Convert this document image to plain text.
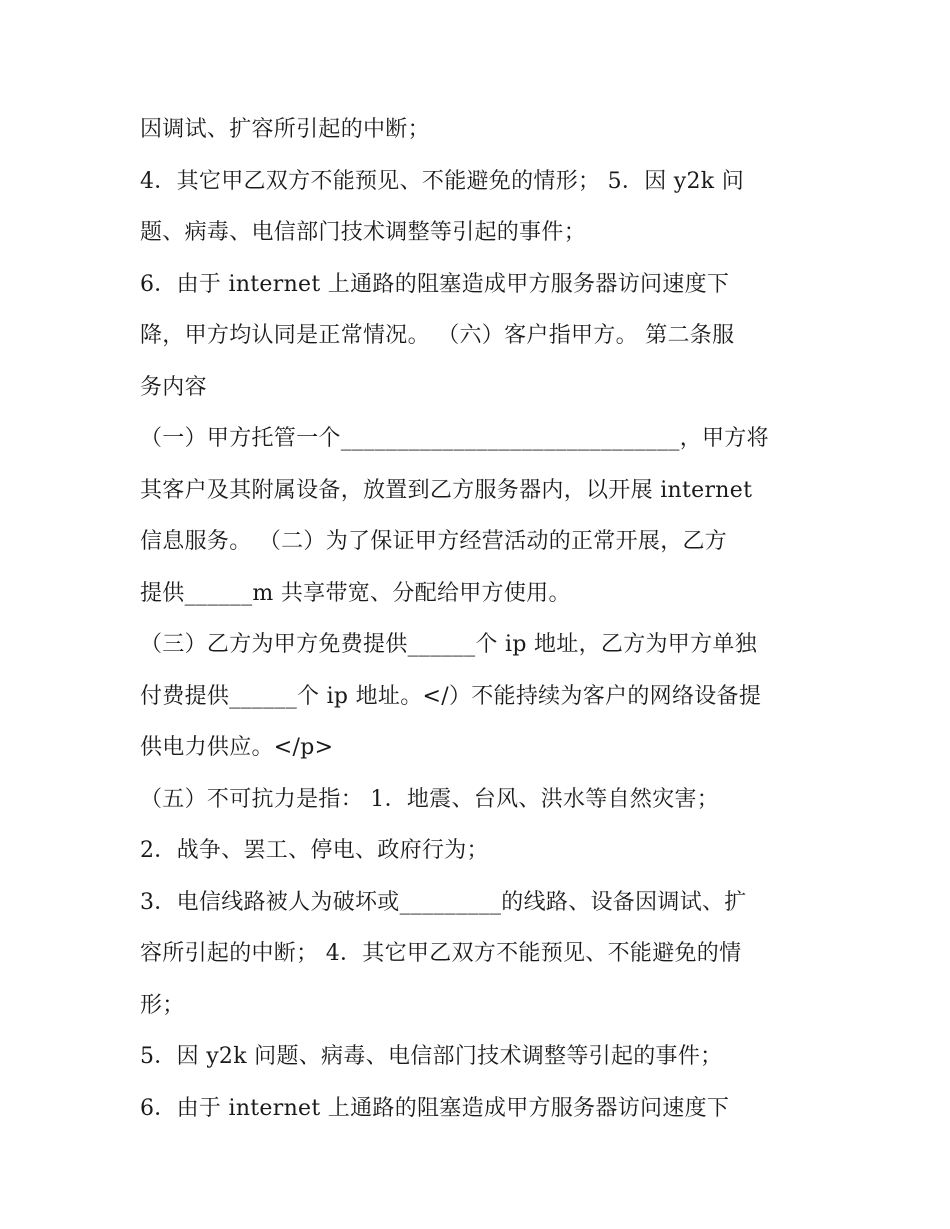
因调试、扩容所引起的中断；
4．其它甲乙双方不能预见、不能避免的情形； 5．因 y2k 问
题、病毒、电信部门技术调整等引起的事件；
6．由于 internet 上通路的阻塞造成甲方服务器访问速度下
降，甲方均认同是正常情况。 （六）客户指甲方。 第二条服
务内容
（一）甲方托管一个______________________________，甲方将
其客户及其附属设备，放置到乙方服务器内，以开展 internet
信息服务。 （二）为了保证甲方经营活动的正常开展，乙方
提供______m 共享带宽、分配给甲方使用。
（三）乙方为甲方免费提供______个 ip 地址，乙方为甲方单独
付费提供______个 ip 地址。</）不能持续为客户的网络设备提
供电力供应。</p>
（五）不可抗力是指： 1．地震、台风、洪水等自然灾害；
2．战争、罢工、停电、政府行为；
3．电信线路被人为破坏或_________的线路、设备因调试、扩
容所引起的中断； 4．其它甲乙双方不能预见、不能避免的情
形；
5．因 y2k 问题、病毒、电信部门技术调整等引起的事件；
6．由于 internet 上通路的阻塞造成甲方服务器访问速度下
